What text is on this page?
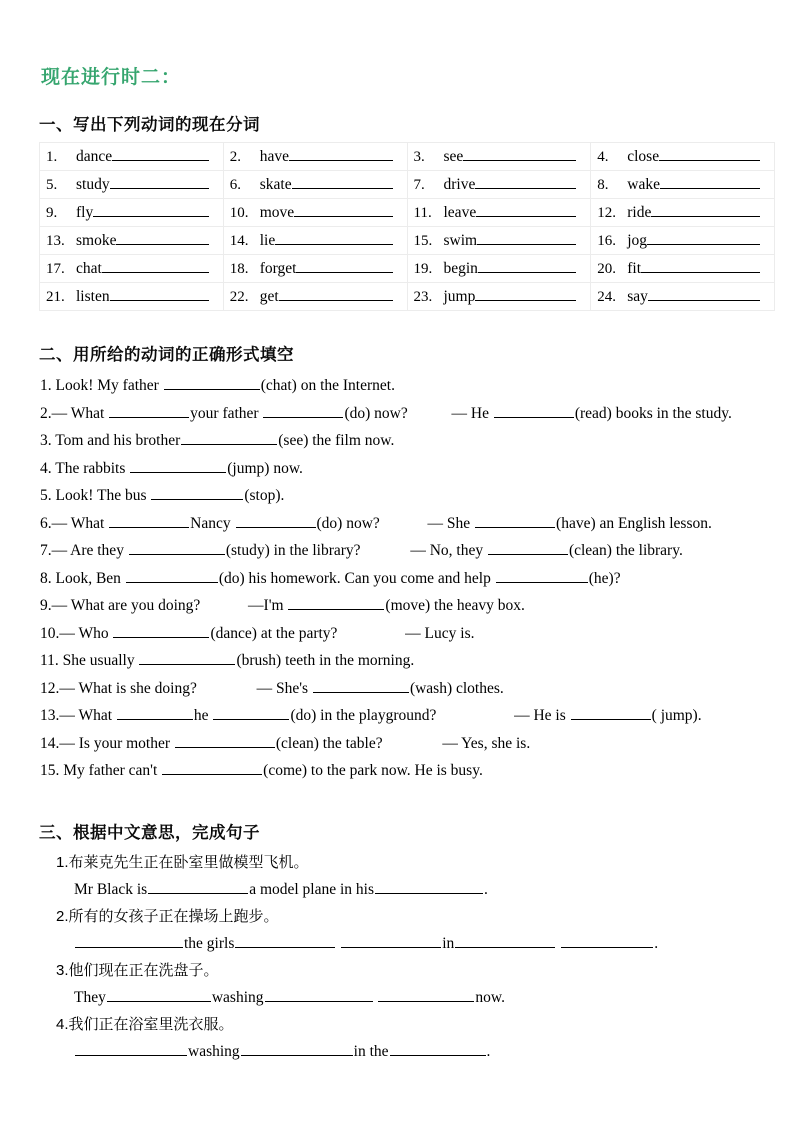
现在进行时二：
一、写出下列动词的现在分词
1. dance	2. have	3. see	4. close

5. study	6. skate	7. drive	8. wake

9. fly	10. move	11. leave	12. ride

13. smoke	14. lie	15. swim	16. jog

17. chat	18. forget	19. begin	20. fit

21. listen	22. get	23. jump	24. say
二、用所给的动词的正确形式填空
1. Look! My father	(chat) on the Internet.
2.— What	your father	(do) now?	— He	(read) books in the study.
3. Tom and his brother	(see) the film now.
4. The rabbits	(jump) now.
5. Look! The bus	(stop).
6.— What	Nancy	(do) now?	— She	(have) an English lesson.
7.— Are they	(study) in the library?	— No, they	(clean) the library.
8. Look, Ben	(do) his homework. Can you come and help	(he)?
9.— What are you doing?	—I'm	(move) the heavy box.
10.— Who	(dance) at the party?	— Lucy is.
11. She usually	(brush) teeth in the morning.
12.— What is she doing?	— She's	(wash) clothes.
13.— What	he	(do) in the playground?	— He is	( jump).
14.— Is your mother	(clean) the table?	— Yes, she is.
15. My father can't	(come) to the park now. He is busy.
三、根据中文意思，完成句子
1.布莱克先生正在卧室里做模型飞机。
Mr Black is	a model plane in his	.
2.所有的女孩子正在操场上跑步。
the girls	in	.
3.他们现在正在洗盘子。
They	washing	now.
4.我们正在浴室里洗衣服。
washing	in the	.
